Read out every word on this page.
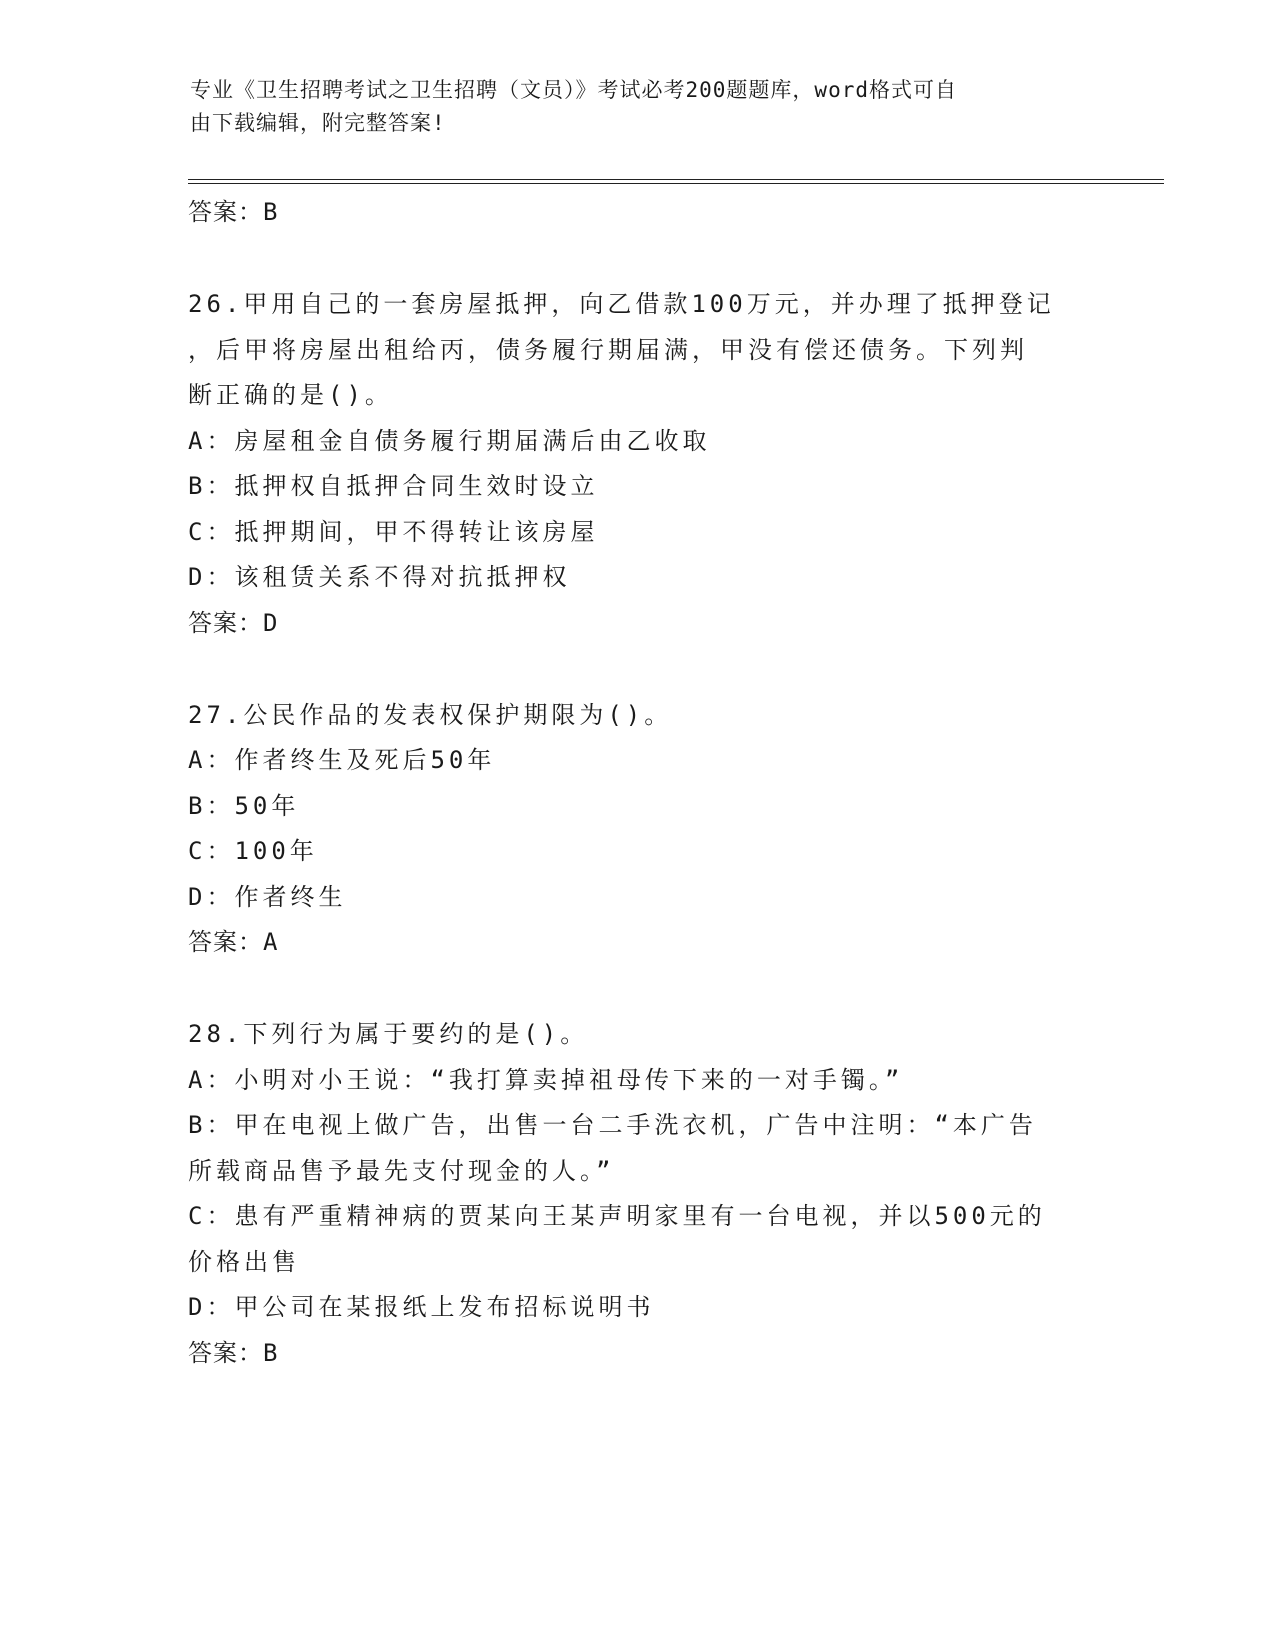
专业《卫生招聘考试之卫生招聘（文员）》考试必考200题题库，word格式可自
由下载编辑，附完整答案!
答案：B
26.甲用自己的一套房屋抵押，向乙借款100万元，并办理了抵押登记
，后甲将房屋出租给丙，债务履行期届满，甲没有偿还债务。下列判
断正确的是()。
A：房屋租金自债务履行期届满后由乙收取
B：抵押权自抵押合同生效时设立
C：抵押期间，甲不得转让该房屋
D：该租赁关系不得对抗抵押权
答案：D
27.公民作品的发表权保护期限为()。
A：作者终生及死后50年
B：50年
C：100年
D：作者终生
答案：A
28.下列行为属于要约的是()。
A：小明对小王说：“我打算卖掉祖母传下来的一对手镯。”
B：甲在电视上做广告，出售一台二手洗衣机，广告中注明：“本广告
所载商品售予最先支付现金的人。”
C：患有严重精神病的贾某向王某声明家里有一台电视，并以500元的
价格出售
D：甲公司在某报纸上发布招标说明书
答案：B
